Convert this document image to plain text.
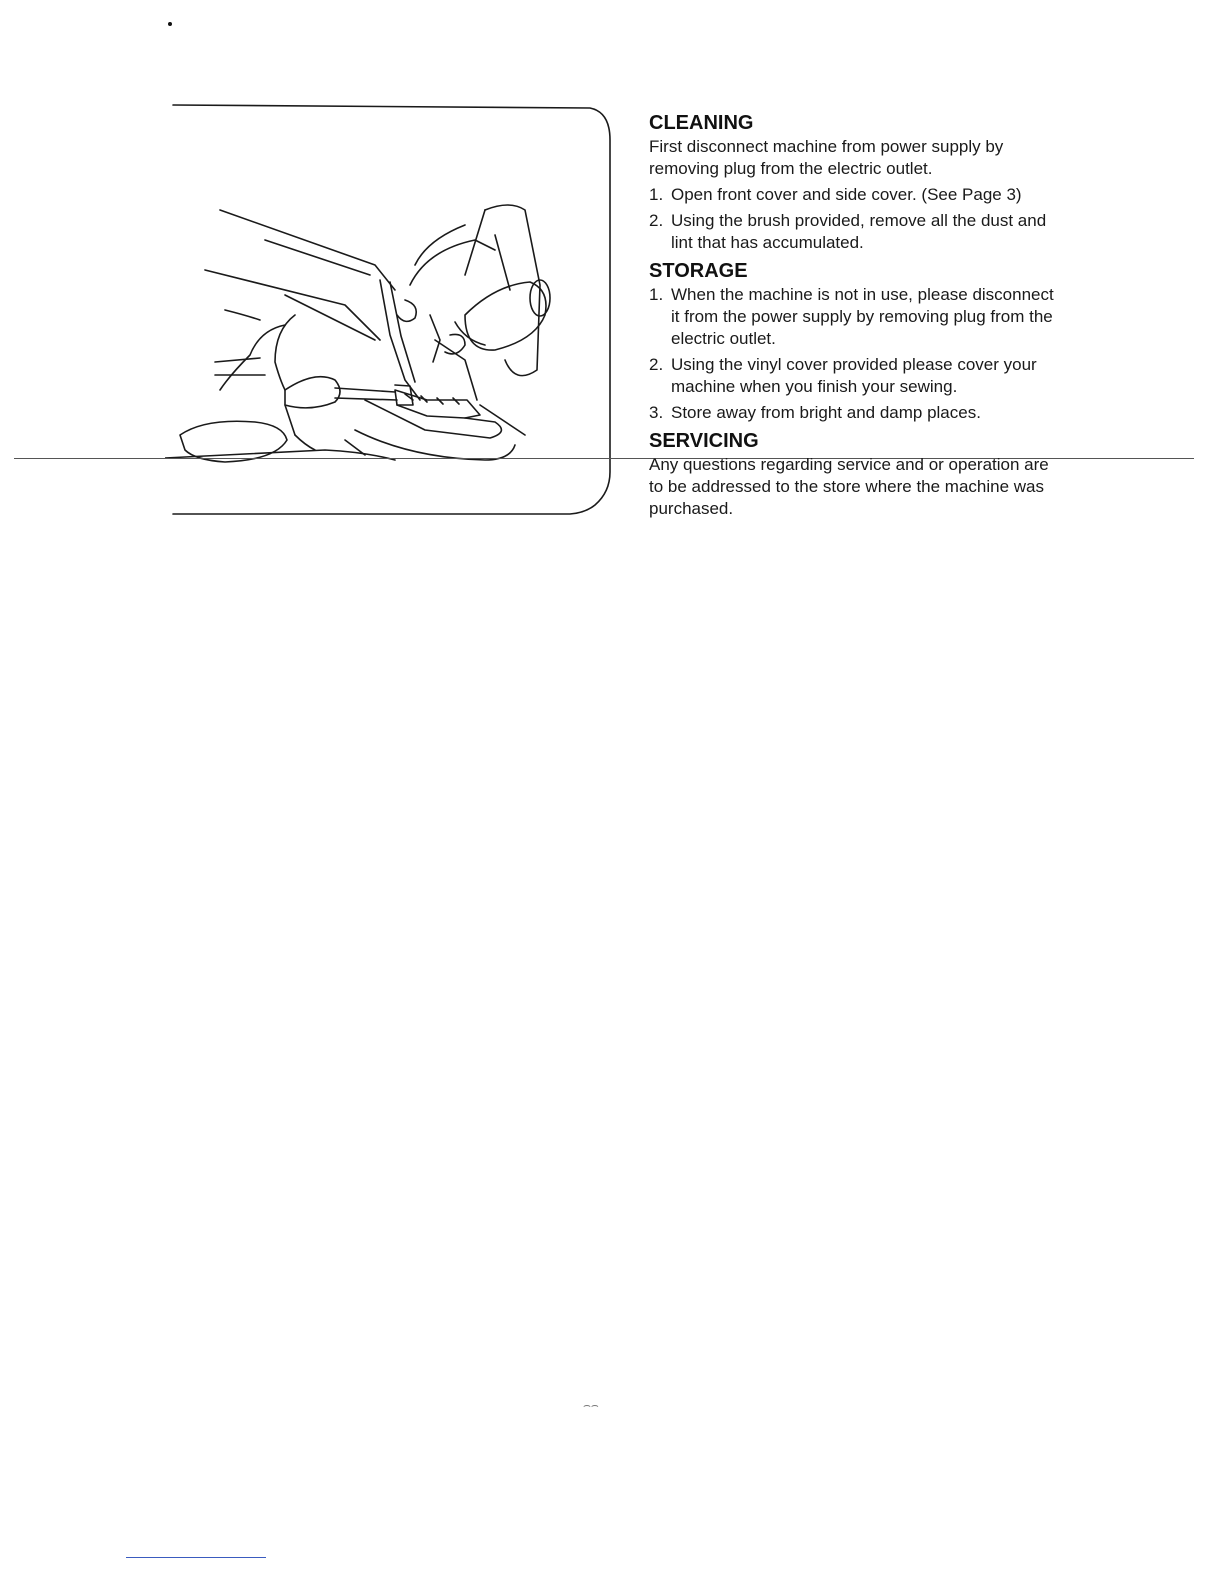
CLEANING

First disconnect machine from power supply by removing plug from the electric outlet.

1. Open front cover and side cover. (See Page 3)
2. Using the brush provided, remove all the dust and lint that has accumulated.
STORAGE
1. When the machine is not in use, please disconnect it from the power supply by removing plug from the electric outlet.
2. Using the vinyl cover provided please cover your machine when you finish your sewing.
3. Store away from bright and damp places.
SERVICING

Any questions regarding service and or operation are to be addressed to the store where the machine was purchased.

⌢⌢
